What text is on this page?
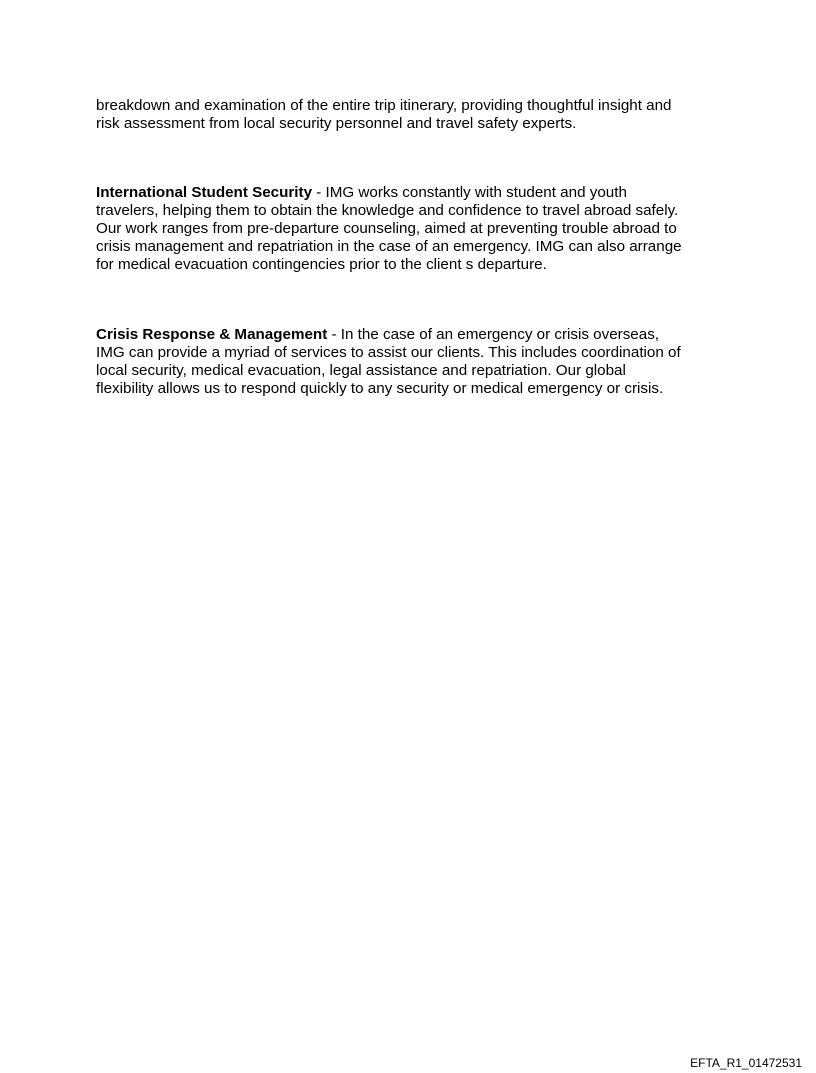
breakdown and examination of the entire trip itinerary, providing thoughtful insight and
risk assessment from local security personnel and travel safety experts.

International Student Security - IMG works constantly with student and youth
travelers, helping them to obtain the knowledge and confidence to travel abroad safely.
Our work ranges from pre-departure counseling, aimed at preventing trouble abroad to
crisis management and repatriation in the case of an emergency. IMG can also arrange
for medical evacuation contingencies prior to the client s departure.

Crisis Response & Management - In the case of an emergency or crisis overseas,
IMG can provide a myriad of services to assist our clients. This includes coordination of
local security, medical evacuation, legal assistance and repatriation. Our global
flexibility allows us to respond quickly to any security or medical emergency or crisis.

EFTA_R1_01472531
